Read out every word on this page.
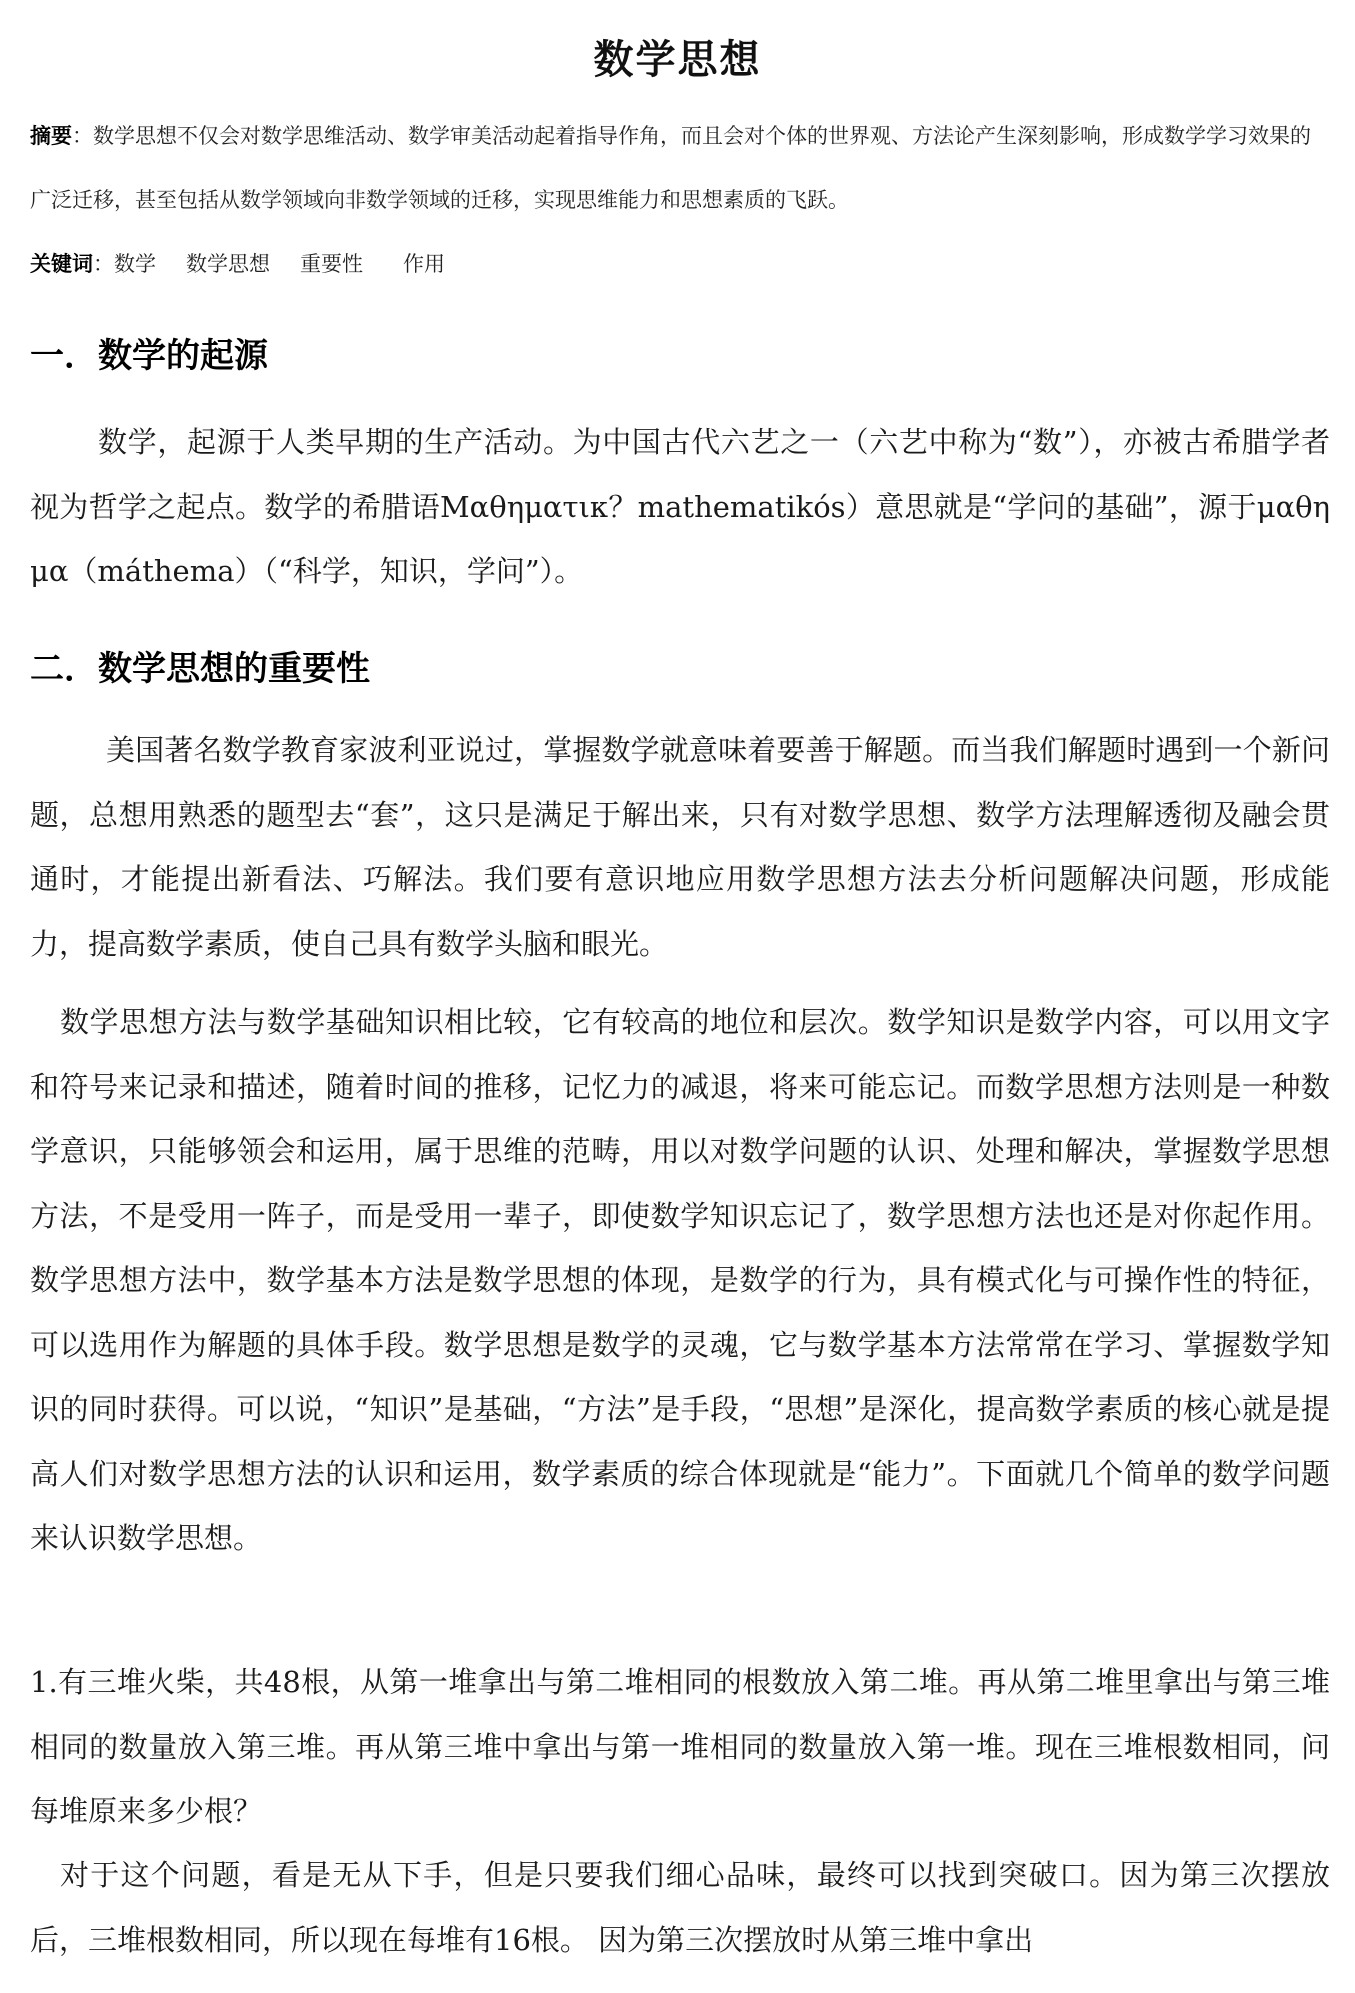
数学思想
摘要：数学思想不仅会对数学思维活动、数学审美活动起着指导作角，而且会对个体的世界观、方法论产生深刻影响，形成数学学习效果的广泛迁移，甚至包括从数学领域向非数学领域的迁移，实现思维能力和思想素质的飞跃。
关键词：数学 数学思想 重要性 作用
一．数学的起源

数学，起源于人类早期的生产活动。为中国古代六艺之一（六艺中称为“数”），亦被古希腊学者视为哲学之起点。数学的希腊语Μαθηματικ？mathematikós）意思就是“学问的基础”，源于μαθημα（máthema）（“科学，知识，学问”）。

二．数学思想的重要性

美国著名数学教育家波利亚说过，掌握数学就意味着要善于解题。而当我们解题时遇到一个新问题，总想用熟悉的题型去“套”，这只是满足于解出来，只有对数学思想、数学方法理解透彻及融会贯通时，才能提出新看法、巧解法。我们要有意识地应用数学思想方法去分析问题解决问题，形成能力，提高数学素质，使自己具有数学头脑和眼光。

数学思想方法与数学基础知识相比较，它有较高的地位和层次。数学知识是数学内容，可以用文字和符号来记录和描述，随着时间的推移，记忆力的减退，将来可能忘记。而数学思想方法则是一种数学意识，只能够领会和运用，属于思维的范畴，用以对数学问题的认识、处理和解决，掌握数学思想方法，不是受用一阵子，而是受用一辈子，即使数学知识忘记了，数学思想方法也还是对你起作用。 数学思想方法中，数学基本方法是数学思想的体现，是数学的行为，具有模式化与可操作性的特征，可以选用作为解题的具体手段。数学思想是数学的灵魂，它与数学基本方法常常在学习、掌握数学知识的同时获得。可以说，“知识”是基础，“方法”是手段，“思想”是深化，提高数学素质的核心就是提高人们对数学思想方法的认识和运用，数学素质的综合体现就是“能力”。下面就几个简单的数学问题来认识数学思想。

1.有三堆火柴，共48根，从第一堆拿出与第二堆相同的根数放入第二堆。再从第二堆里拿出与第三堆相同的数量放入第三堆。再从第三堆中拿出与第一堆相同的数量放入第一堆。现在三堆根数相同，问每堆原来多少根？

对于这个问题，看是无从下手，但是只要我们细心品味，最终可以找到突破口。因为第三次摆放后，三堆根数相同，所以现在每堆有16根。 因为第三次摆放时从第三堆中拿出
